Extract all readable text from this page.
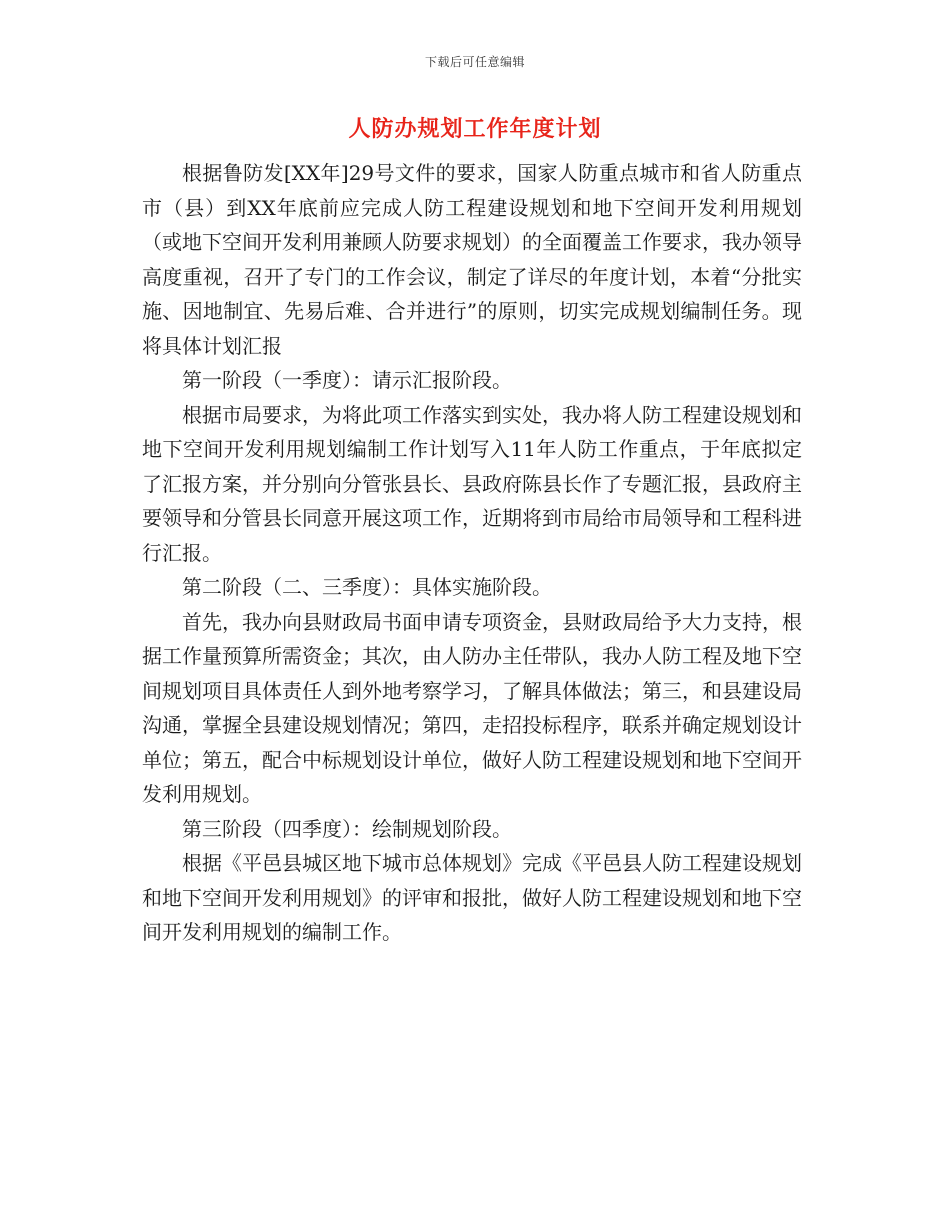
下载后可任意编辑
人防办规划工作年度计划

根据鲁防发[XX年]29号文件的要求，国家人防重点城市和省人防重点市（县）到XX年底前应完成人防工程建设规划和地下空间开发利用规划（或地下空间开发利用兼顾人防要求规划）的全面覆盖工作要求，我办领导高度重视，召开了专门的工作会议，制定了详尽的年度计划，本着“分批实施、因地制宜、先易后难、合并进行”的原则，切实完成规划编制任务。现将具体计划汇报

第一阶段（一季度）：请示汇报阶段。

根据市局要求，为将此项工作落实到实处，我办将人防工程建设规划和地下空间开发利用规划编制工作计划写入11年人防工作重点，于年底拟定了汇报方案，并分别向分管张县长、县政府陈县长作了专题汇报，县政府主要领导和分管县长同意开展这项工作，近期将到市局给市局领导和工程科进行汇报。

第二阶段（二、三季度）：具体实施阶段。

首先，我办向县财政局书面申请专项资金，县财政局给予大力支持，根据工作量预算所需资金；其次，由人防办主任带队，我办人防工程及地下空间规划项目具体责任人到外地考察学习，了解具体做法；第三，和县建设局沟通，掌握全县建设规划情况；第四，走招投标程序，联系并确定规划设计单位；第五，配合中标规划设计单位，做好人防工程建设规划和地下空间开发利用规划。

第三阶段（四季度）：绘制规划阶段。

根据《平邑县城区地下城市总体规划》完成《平邑县人防工程建设规划和地下空间开发利用规划》的评审和报批，做好人防工程建设规划和地下空间开发利用规划的编制工作。
